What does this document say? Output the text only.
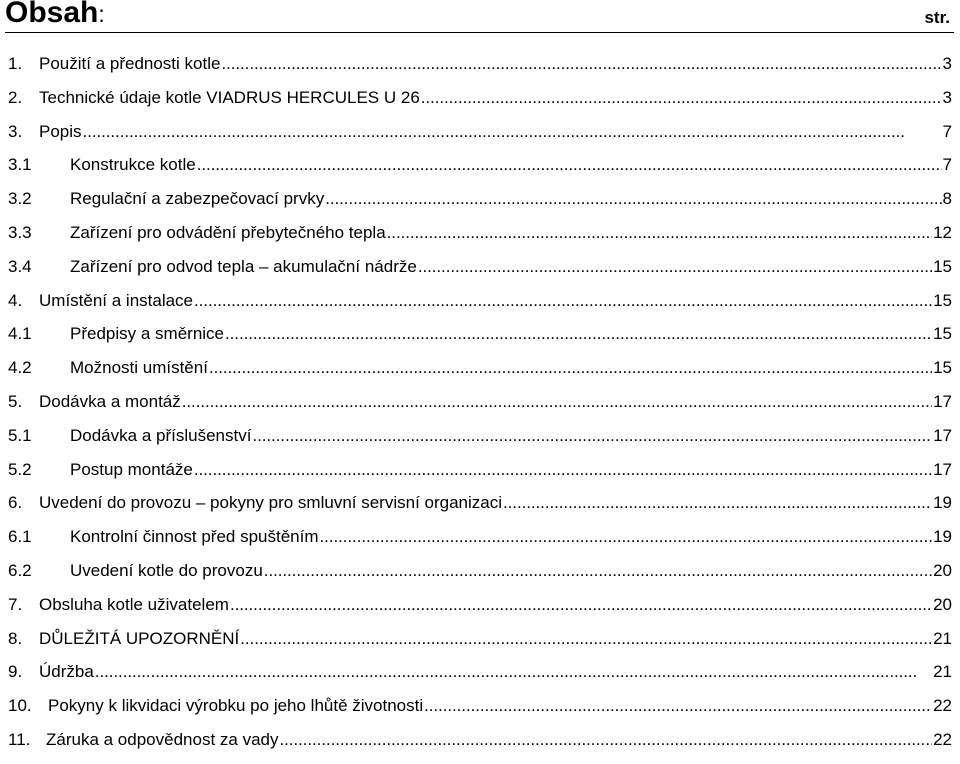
Obsah:	str.
1. Použití a přednosti kotle . . .	3
2. Technické údaje kotle VIADRUS HERCULES U 26 . . .	3
3. Popis . . .	7
3.1	Konstrukce kotle . . .	7
3.2	Regulační a zabezpečovací prvky . . .	8
3.3	Zařízení pro odvádění přebytečného tepla . . .	12
3.4	Zařízení pro odvod tepla – akumulační nádrže . . .	15
4. Umístění a instalace . . .	15
4.1	Předpisy a směrnice . . .	15
4.2	Možnosti umístění . . .	15
5. Dodávka a montáž . . .	17
5.1	Dodávka a příslušenství . . .	17
5.2	Postup montáže . . .	17
6. Uvedení do provozu – pokyny pro smluvní servisní organizaci . . .	19
6.1	Kontrolní činnost před spuštěním . . .	19
6.2	Uvedení kotle do provozu . . .	20
7. Obsluha kotle uživatelem . . .	20
8. DŮLEŽITÁ UPOZORNĚNÍ . . .	21
9. Údržba . . .	21
10. Pokyny k likvidaci výrobku po jeho lhůtě životnosti . . .	22
11. Záruka a odpovědnost za vady . . .	22
